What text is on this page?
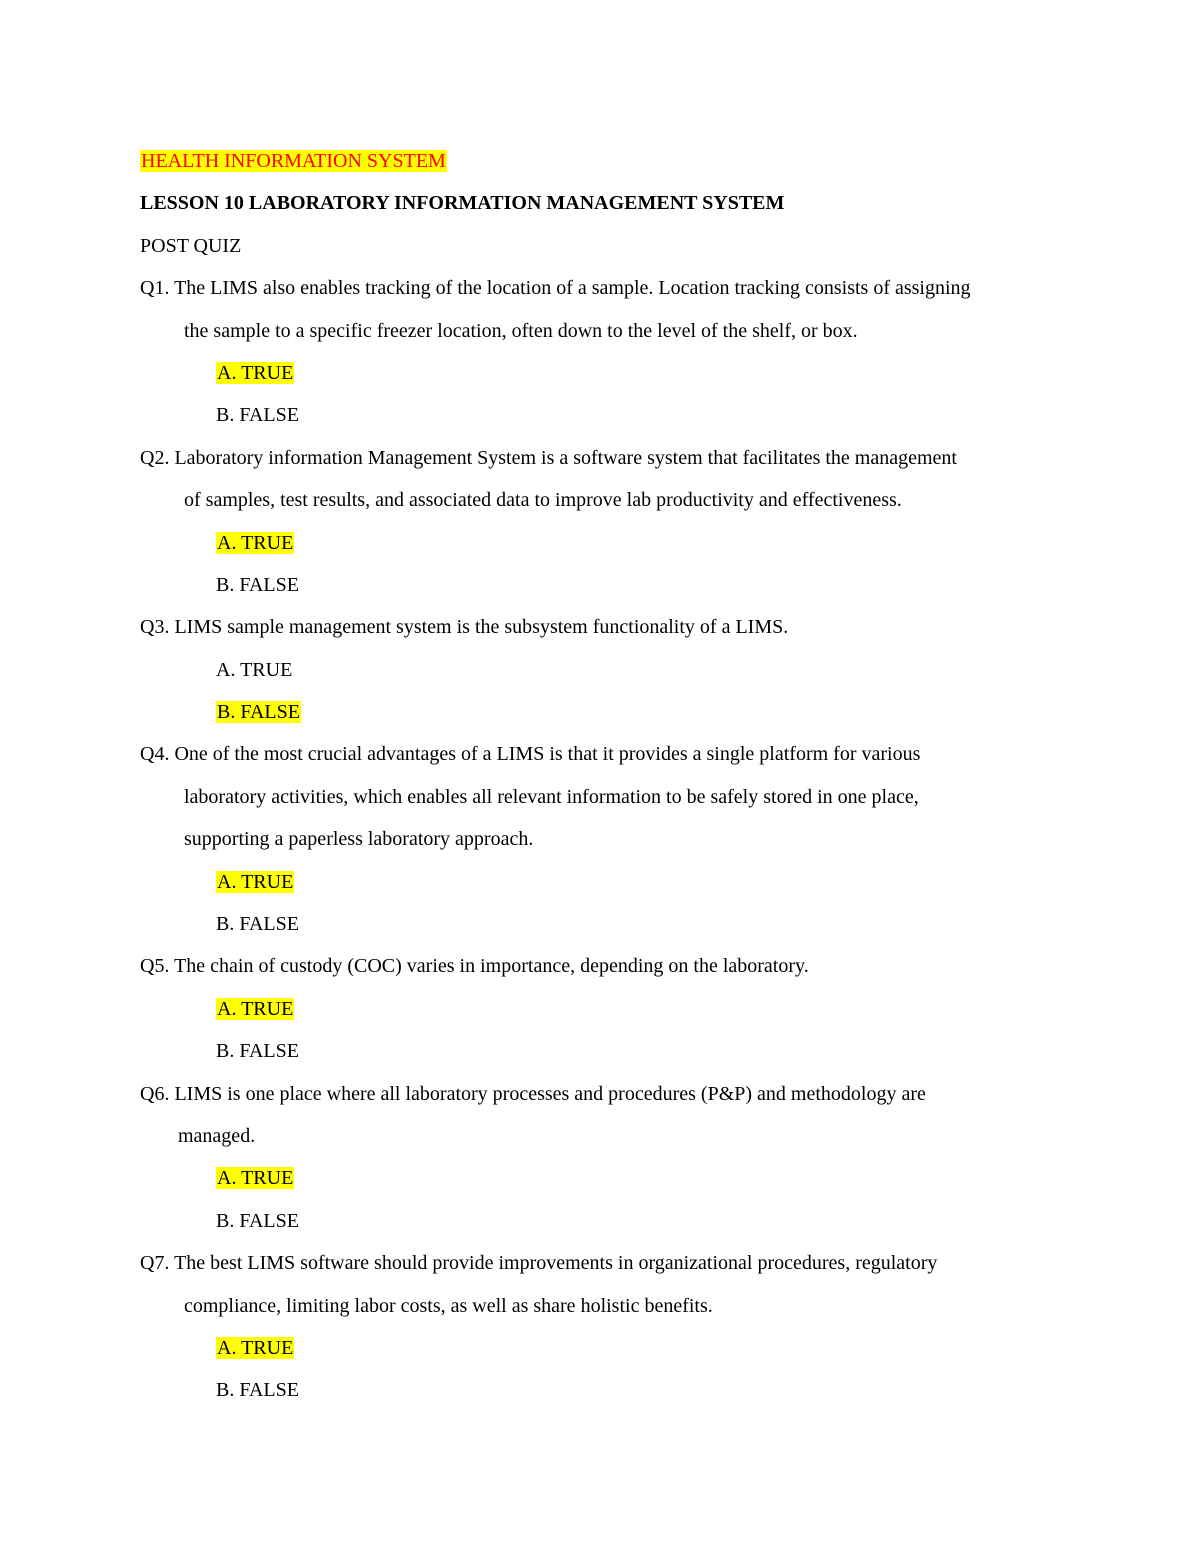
HEALTH INFORMATION SYSTEM
LESSON 10 LABORATORY INFORMATION MANAGEMENT SYSTEM
POST QUIZ
Q1. The LIMS also enables tracking of the location of a sample. Location tracking consists of assigning
the sample to a specific freezer location, often down to the level of the shelf, or box.
A. TRUE
B. FALSE
Q2. Laboratory information Management System is a software system that facilitates the management
of samples, test results, and associated data to improve lab productivity and effectiveness.
A. TRUE
B. FALSE
Q3. LIMS sample management system is the subsystem functionality of a LIMS.
A. TRUE
B. FALSE
Q4. One of the most crucial advantages of a LIMS is that it provides a single platform for various
laboratory activities, which enables all relevant information to be safely stored in one place,
supporting a paperless laboratory approach.
A. TRUE
B. FALSE
Q5. The chain of custody (COC) varies in importance, depending on the laboratory.
A. TRUE
B. FALSE
Q6. LIMS is one place where all laboratory processes and procedures (P&P) and methodology are
managed.
A. TRUE
B. FALSE
Q7. The best LIMS software should provide improvements in organizational procedures, regulatory
compliance, limiting labor costs, as well as share holistic benefits.
A. TRUE
B. FALSE
